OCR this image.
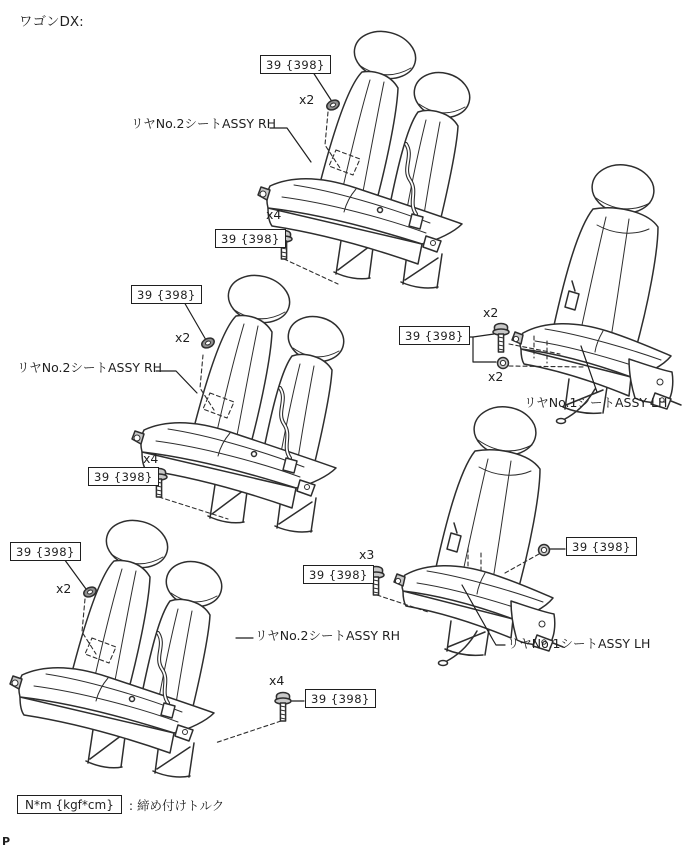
ワゴンDX:
39 {398}
x2
リヤNo.2シートASSY RH
x4
39 {398}
39 {398}
x2
リヤNo.2シートASSY RH
x4
39 {398}
x2
39 {398}
x2
リヤNo.1シートASSY LH
39 {398}
x2
リヤNo.2シートASSY RH
x4
39 {398}
x3
39 {398}
39 {398}
リヤNo.1シートASSY LH
N*m {kgf*cm}	: 締め付けトルク
P
